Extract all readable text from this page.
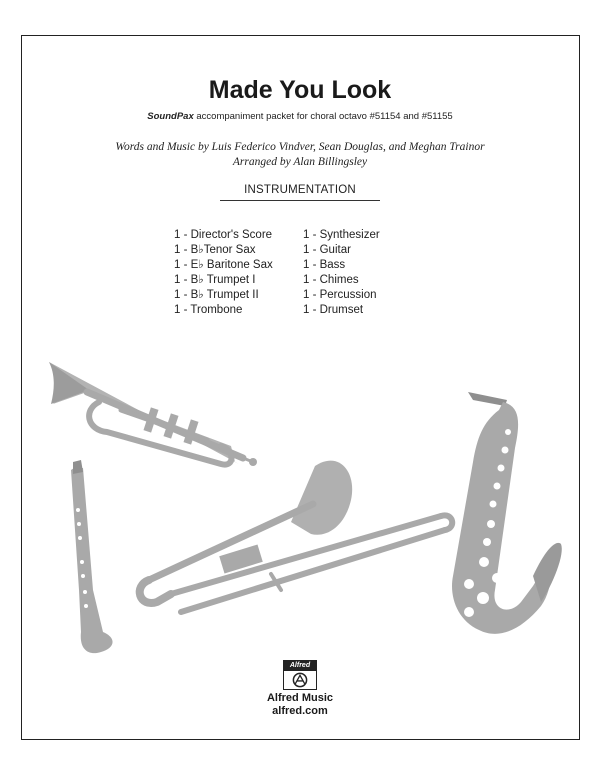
Made You Look
SoundPax accompaniment packet for choral octavo #51154 and #51155
Words and Music by Luis Federico Vindver, Sean Douglas, and Meghan Trainor
Arranged by Alan Billingsley
INSTRUMENTATION
1 - Director's Score
1 - B♭Tenor Sax
1 - E♭ Baritone Sax
1 - B♭ Trumpet I
1 - B♭ Trumpet II
1 - Trombone
1 - Synthesizer
1 - Guitar
1 - Bass
1 - Chimes
1 - Percussion
1 - Drumset
Alfred
Alfred Music
alfred.com
